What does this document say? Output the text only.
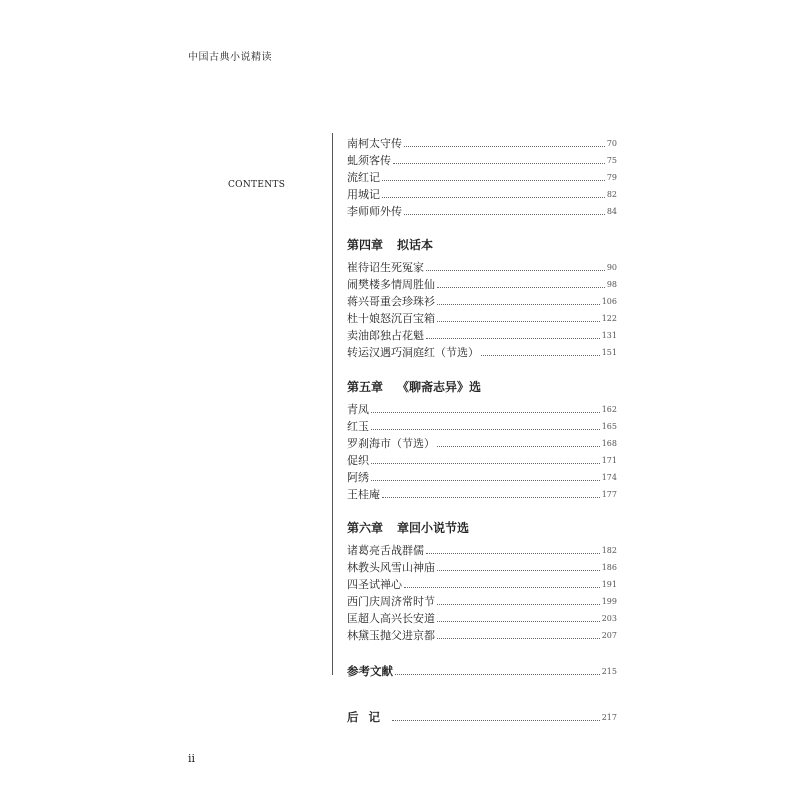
中国古典小说精读
CONTENTS
南柯太守传	70
虬须客传	75
流红记	79
用城记	82
李师师外传	84
第四章 拟话本
崔待诏生死冤家	90
闹樊楼多情周胜仙	98
蒋兴哥重会珍珠衫	106
杜十娘怒沉百宝箱	122
卖油郎独占花魁	131
转运汉遇巧洞庭红（节选）	151
第五章 《聊斋志异》选
青凤	162
红玉	165
罗刹海市（节选）	168
促织	171
阿绣	174
王桂庵	177
第六章 章回小说节选
诸葛亮舌战群儒	182
林教头风雪山神庙	186
四圣试禅心	191
西门庆周济常时节	199
匡超人高兴长安道	203
林黛玉抛父进京都	207
参考文献	215
后记	217
ii
